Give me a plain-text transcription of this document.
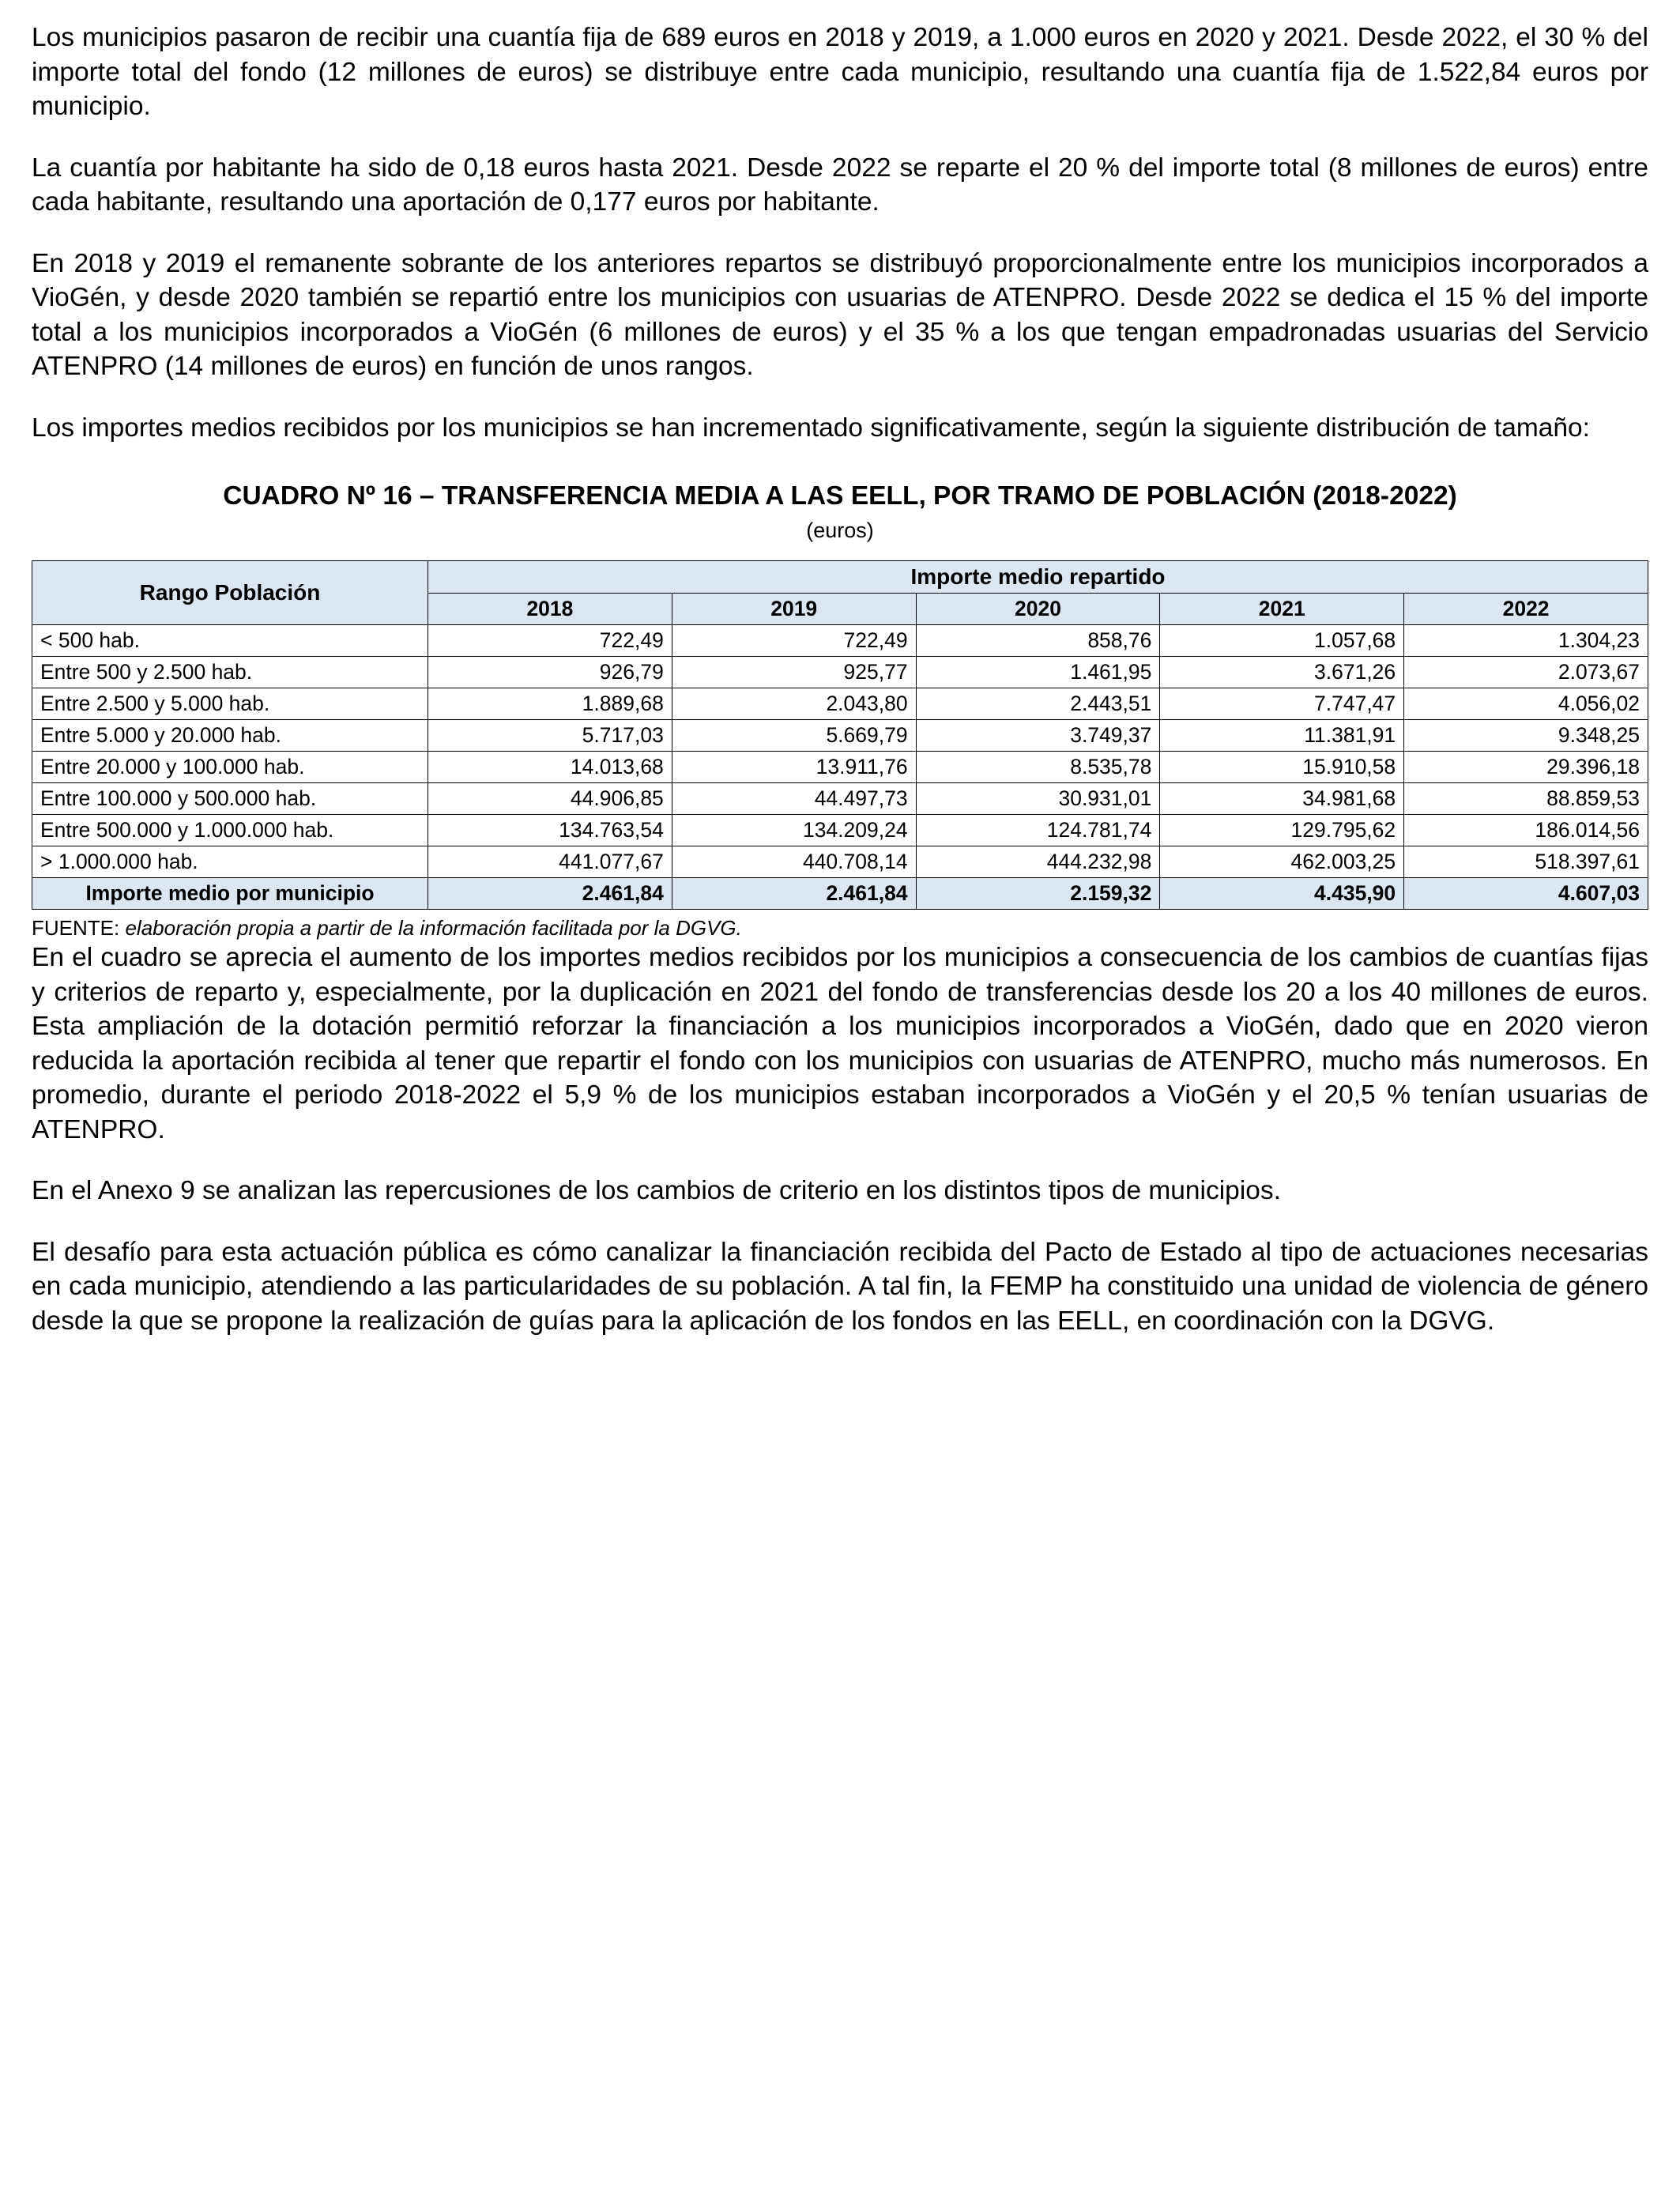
Los municipios pasaron de recibir una cuantía fija de 689 euros en 2018 y 2019, a 1.000 euros en 2020 y 2021. Desde 2022, el 30 % del importe total del fondo (12 millones de euros) se distribuye entre cada municipio, resultando una cuantía fija de 1.522,84 euros por municipio.

La cuantía por habitante ha sido de 0,18 euros hasta 2021. Desde 2022 se reparte el 20 % del importe total (8 millones de euros) entre cada habitante, resultando una aportación de 0,177 euros por habitante.

En 2018 y 2019 el remanente sobrante de los anteriores repartos se distribuyó proporcionalmente entre los municipios incorporados a VioGén, y desde 2020 también se repartió entre los municipios con usuarias de ATENPRO. Desde 2022 se dedica el 15 % del importe total a los municipios incorporados a VioGén (6 millones de euros) y el 35 % a los que tengan empadronadas usuarias del Servicio ATENPRO (14 millones de euros) en función de unos rangos.

Los importes medios recibidos por los municipios se han incrementado significativamente, según la siguiente distribución de tamaño:

CUADRO Nº 16 – TRANSFERENCIA MEDIA A LAS EELL, POR TRAMO DE POBLACIÓN (2018-2022)
(euros)
Rango Población	Importe medio repartido				
	2018	2019	2020	2021	2022
< 500 hab.	722,49	722,49	858,76	1.057,68	1.304,23
Entre 500 y 2.500 hab.	926,79	925,77	1.461,95	3.671,26	2.073,67
Entre 2.500 y 5.000 hab.	1.889,68	2.043,80	2.443,51	7.747,47	4.056,02
Entre 5.000 y 20.000 hab.	5.717,03	5.669,79	3.749,37	11.381,91	9.348,25
Entre 20.000 y 100.000 hab.	14.013,68	13.911,76	8.535,78	15.910,58	29.396,18
Entre 100.000 y 500.000 hab.	44.906,85	44.497,73	30.931,01	34.981,68	88.859,53
Entre 500.000 y 1.000.000 hab.	134.763,54	134.209,24	124.781,74	129.795,62	186.014,56
> 1.000.000 hab.	441.077,67	440.708,14	444.232,98	462.003,25	518.397,61
Importe medio por municipio	2.461,84	2.461,84	2.159,32	4.435,90	4.607,03

FUENTE: elaboración propia a partir de la información facilitada por la DGVG.

En el cuadro se aprecia el aumento de los importes medios recibidos por los municipios a consecuencia de los cambios de cuantías fijas y criterios de reparto y, especialmente, por la duplicación en 2021 del fondo de transferencias desde los 20 a los 40 millones de euros. Esta ampliación de la dotación permitió reforzar la financiación a los municipios incorporados a VioGén, dado que en 2020 vieron reducida la aportación recibida al tener que repartir el fondo con los municipios con usuarias de ATENPRO, mucho más numerosos. En promedio, durante el periodo 2018-2022 el 5,9 % de los municipios estaban incorporados a VioGén y el 20,5 % tenían usuarias de ATENPRO.

En el Anexo 9 se analizan las repercusiones de los cambios de criterio en los distintos tipos de municipios.

El desafío para esta actuación pública es cómo canalizar la financiación recibida del Pacto de Estado al tipo de actuaciones necesarias en cada municipio, atendiendo a las particularidades de su población. A tal fin, la FEMP ha constituido una unidad de violencia de género desde la que se propone la realización de guías para la aplicación de los fondos en las EELL, en coordinación con la DGVG.
